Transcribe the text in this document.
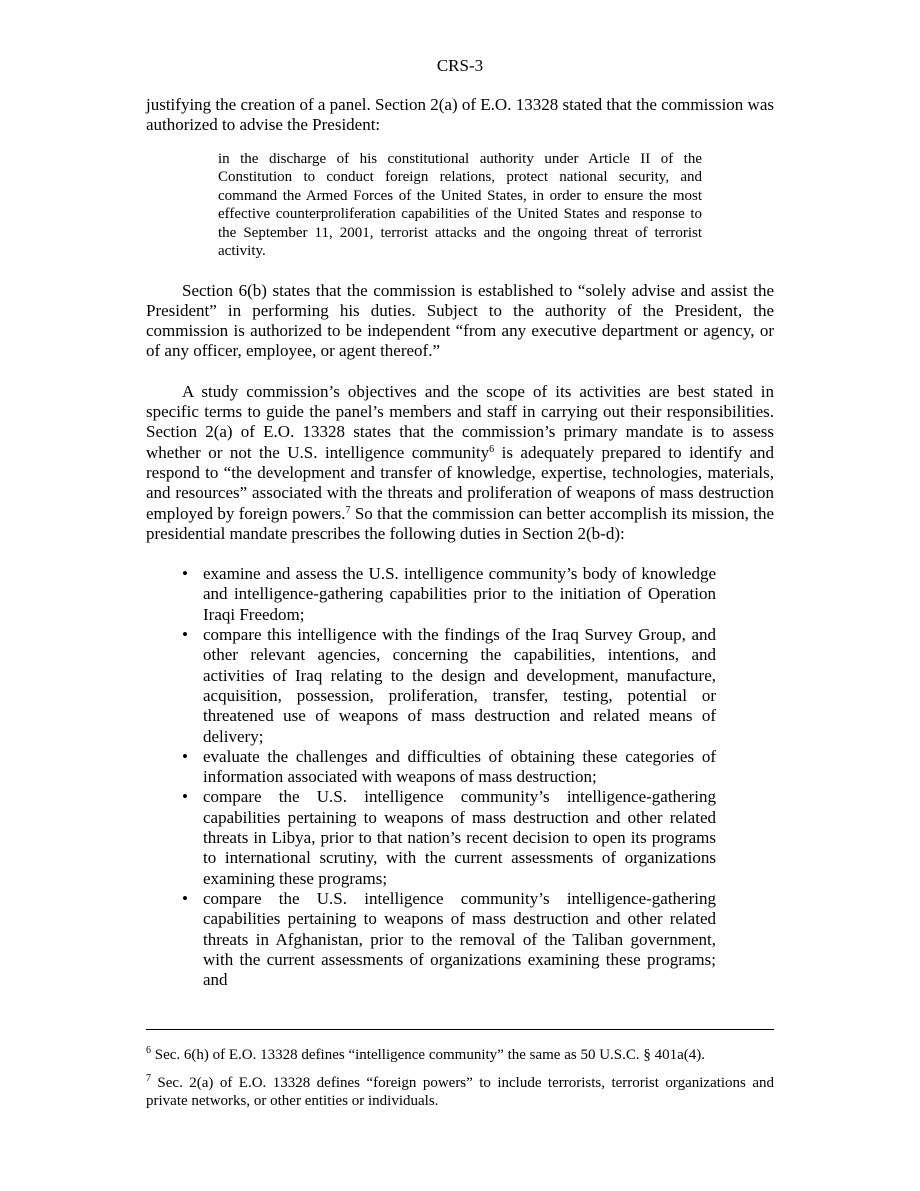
CRS-3

justifying the creation of a panel. Section 2(a) of E.O. 13328 stated that the commission was authorized to advise the President:

in the discharge of his constitutional authority under Article II of the Constitution to conduct foreign relations, protect national security, and command the Armed Forces of the United States, in order to ensure the most effective counterproliferation capabilities of the United States and response to the September 11, 2001, terrorist attacks and the ongoing threat of terrorist activity.

Section 6(b) states that the commission is established to “solely advise and assist the President” in performing his duties. Subject to the authority of the President, the commission is authorized to be independent “from any executive department or agency, or of any officer, employee, or agent thereof.”

A study commission’s objectives and the scope of its activities are best stated in specific terms to guide the panel’s members and staff in carrying out their responsibilities. Section 2(a) of E.O. 13328 states that the commission’s primary mandate is to assess whether or not the U.S. intelligence community$^6$ is adequately prepared to identify and respond to “the development and transfer of knowledge, expertise, technologies, materials, and resources” associated with the threats and proliferation of weapons of mass destruction employed by foreign powers.$^7$ So that the commission can better accomplish its mission, the presidential mandate prescribes the following duties in Section 2(b-d):

• examine and assess the U.S. intelligence community’s body of knowledge and intelligence-gathering capabilities prior to the initiation of Operation Iraqi Freedom;
• compare this intelligence with the findings of the Iraq Survey Group, and other relevant agencies, concerning the capabilities, intentions, and activities of Iraq relating to the design and development, manufacture, acquisition, possession, proliferation, transfer, testing, potential or threatened use of weapons of mass destruction and related means of delivery;
• evaluate the challenges and difficulties of obtaining these categories of information associated with weapons of mass destruction;
• compare the U.S. intelligence community’s intelligence-gathering capabilities pertaining to weapons of mass destruction and other related threats in Libya, prior to that nation’s recent decision to open its programs to international scrutiny, with the current assessments of organizations examining these programs;
• compare the U.S. intelligence community’s intelligence-gathering capabilities pertaining to weapons of mass destruction and other related threats in Afghanistan, prior to the removal of the Taliban government, with the current assessments of organizations examining these programs; and

$^6$ Sec. 6(h) of E.O. 13328 defines “intelligence community” the same as 50 U.S.C. § 401a(4).

$^7$ Sec. 2(a) of E.O. 13328 defines “foreign powers” to include terrorists, terrorist organizations and private networks, or other entities or individuals.
